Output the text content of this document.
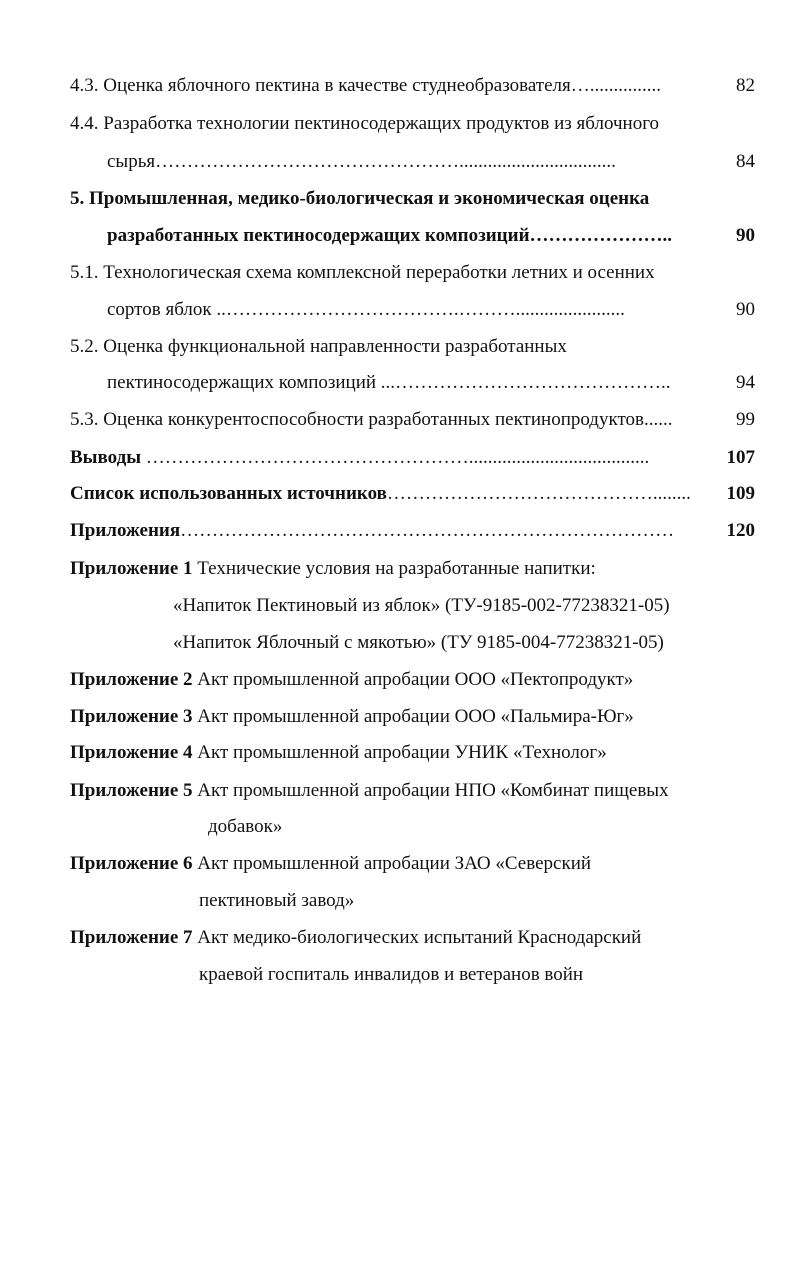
4.3. Оценка яблочного пектина в качестве студнеобразователя…...............	82
4.4. Разработка технологии пектиносодержащих продуктов из яблочного
сырья………………………………………….................................	84
5. Промышленная, медико-биологическая и экономическая оценка
разработанных пектиносодержащих композиций…………………..	90
5.1. Технологическая схема комплексной переработки летних и осенних
сортов яблок ..……………………………….……….......................	90
5.2. Оценка функциональной направленности разработанных
пектиносодержащих композиций ...……………………………………..	94
5.3. Оценка конкурентоспособности разработанных пектинопродуктов......	99
Выводы ……………………………………………......................................	107
Список использованных источников……………………………………........ 109
Приложения……………………………………………………………………	120
Приложение 1 Технические условия на разработанные напитки:
«Напиток Пектиновый из яблок» (ТУ-9185-002-77238321-05)
«Напиток Яблочный с мякотью» (ТУ 9185-004-77238321-05)
Приложение 2 Акт промышленной апробации ООО «Пектопродукт»
Приложение 3 Акт промышленной апробации ООО «Пальмира-Юг»
Приложение 4 Акт промышленной апробации УНИК «Технолог»
Приложение 5 Акт промышленной апробации НПО «Комбинат пищевых
добавок»
Приложение 6 Акт промышленной апробации ЗАО «Северский
пектиновый завод»
Приложение 7 Акт медико-биологических испытаний Краснодарский
краевой госпиталь инвалидов и ветеранов войн
